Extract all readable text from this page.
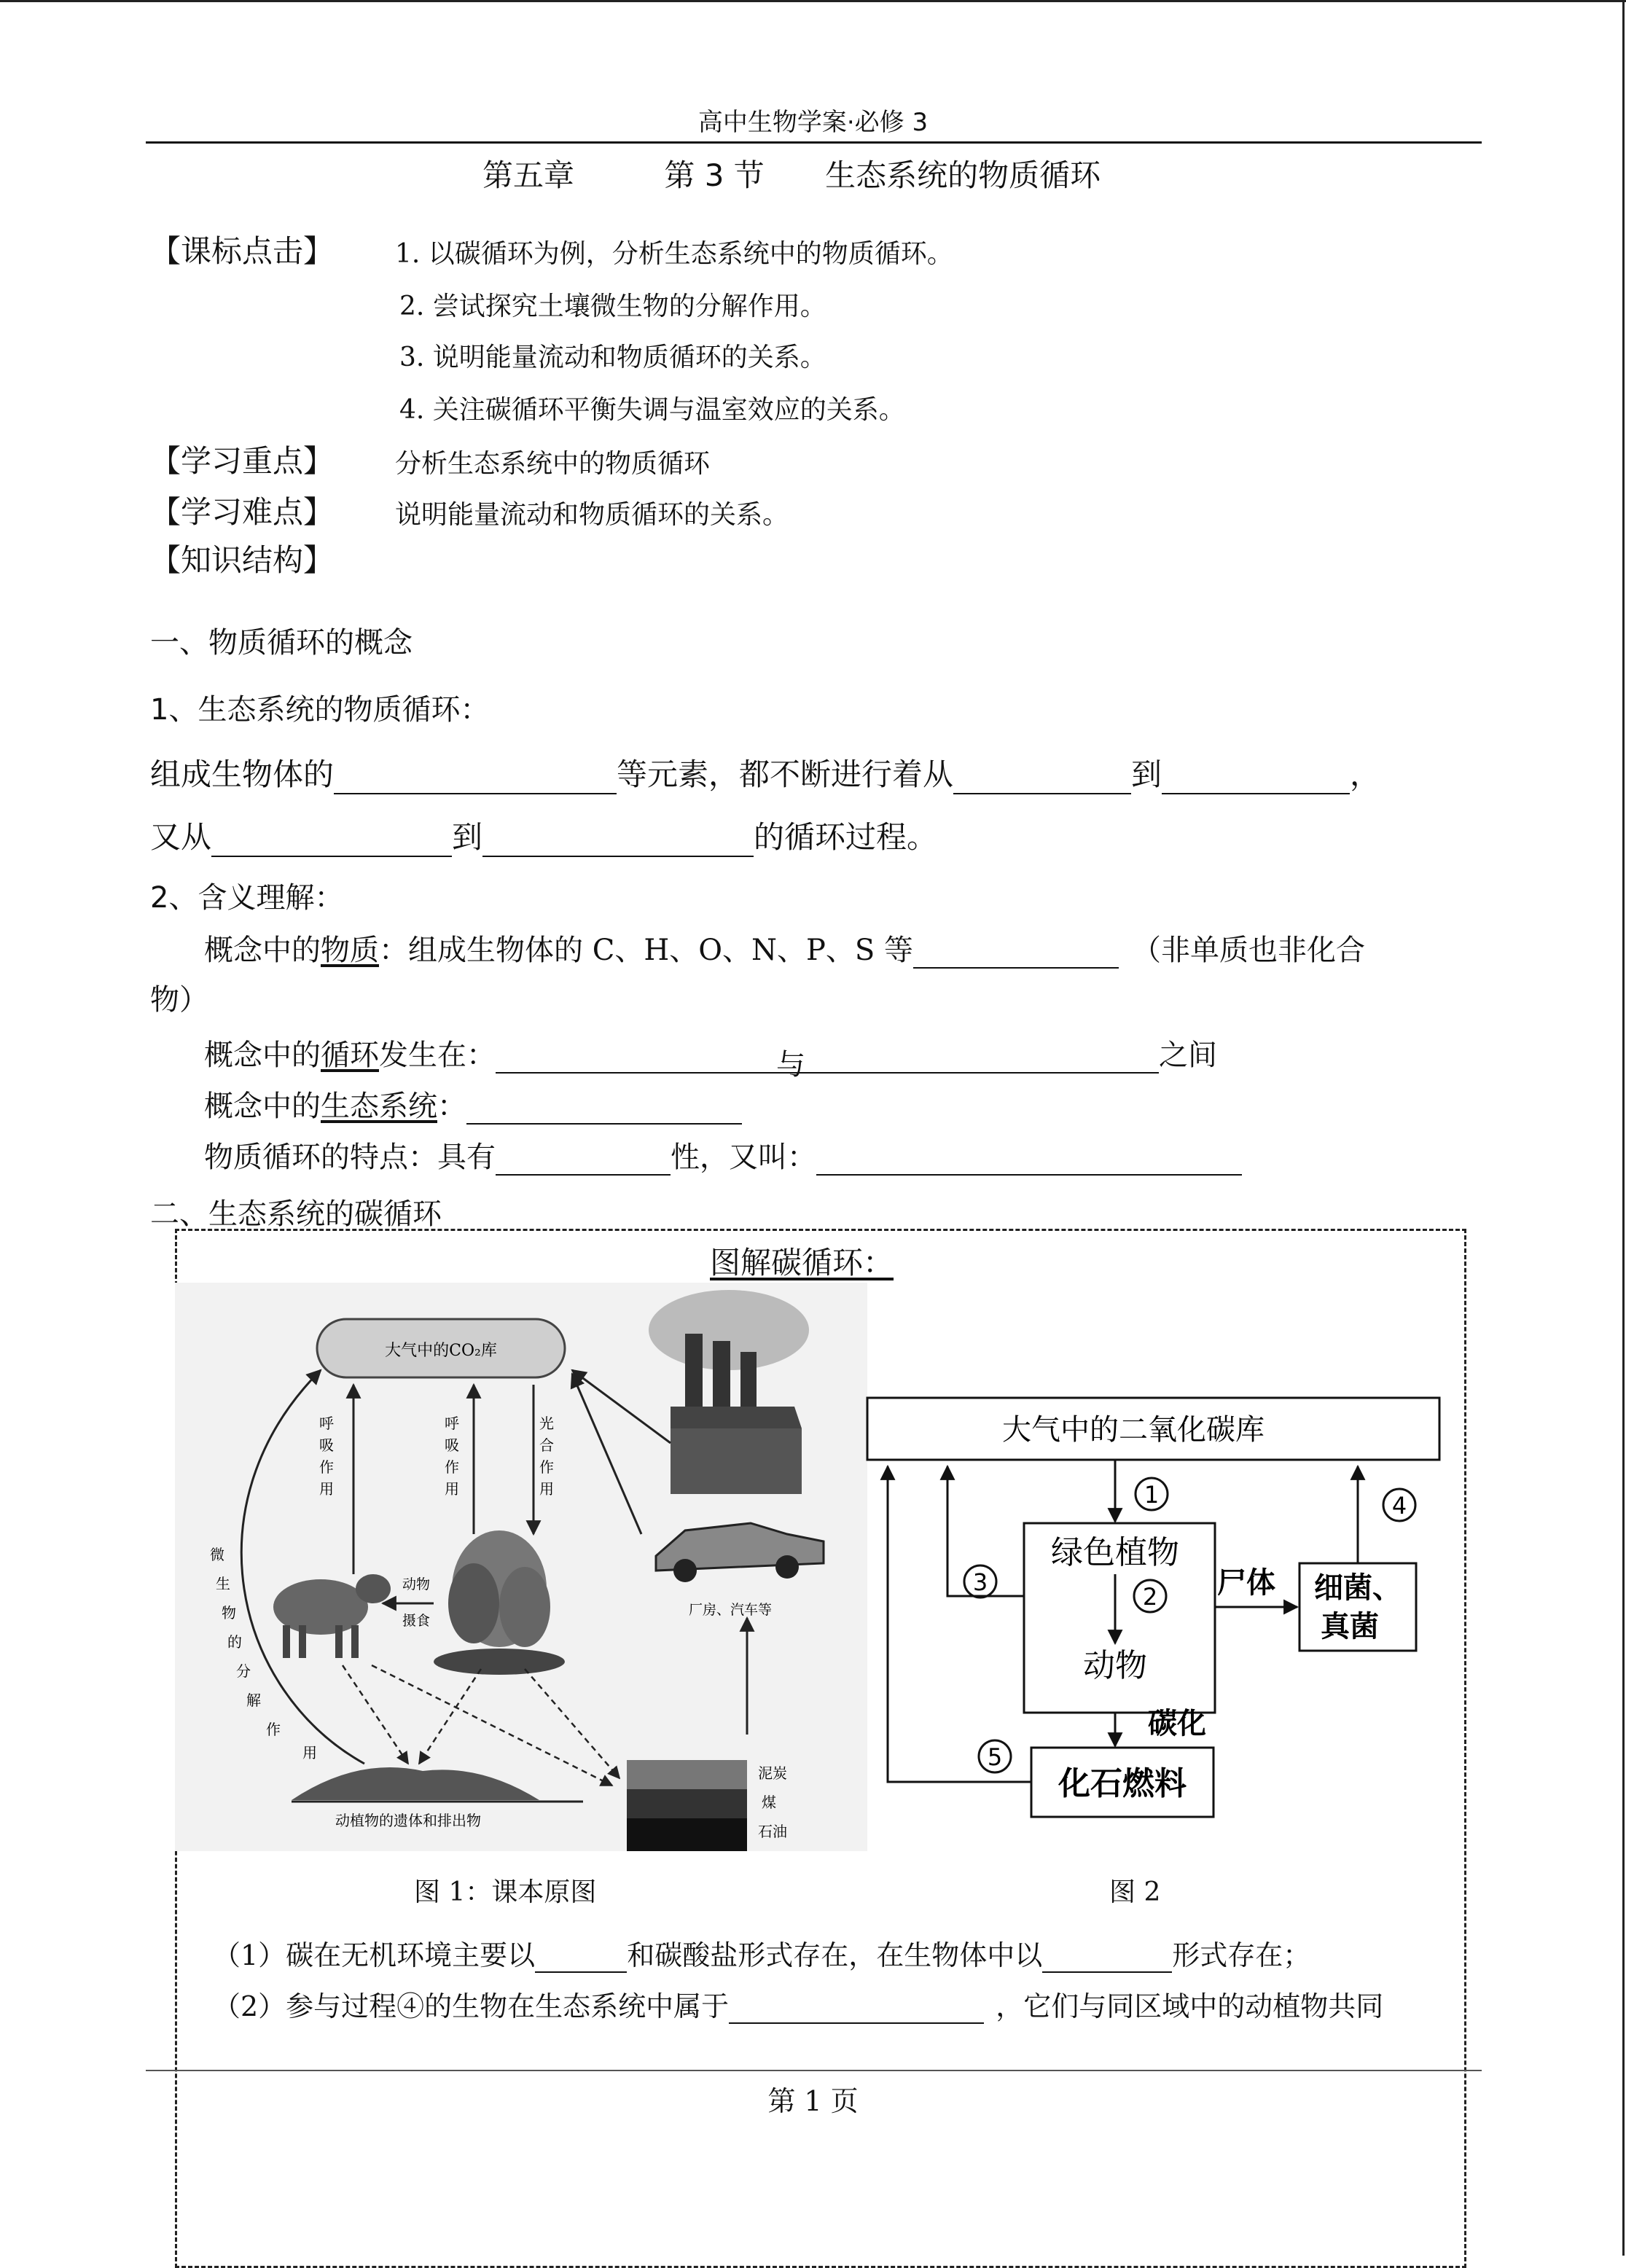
高中生物学案·必修 3
第五章	第 3 节 生态系统的物质循环
【课标点击】 1. 以碳循环为例，分析生态系统中的物质循环。
2. 尝试探究土壤微生物的分解作用。
3. 说明能量流动和物质循环的关系。
4. 关注碳循环平衡失调与温室效应的关系。
【学习重点】 分析生态系统中的物质循环
【学习难点】 说明能量流动和物质循环的关系。
【知识结构】
一、物质循环的概念
1、生态系统的物质循环：
组成生物体的	等元素，都不断进行着从	到	，
又从	到	的循环过程。
2、含义理解：
概念中的物质：组成生物体的 C、H、O、N、P、S 等	（非单质也非化合
物）
概念中的循环发生在：	与	之间
概念中的生态系统：
物质循环的特点：具有	性，又叫：
二、生态系统的碳循环
图解碳循环：
大气中的CO₂库
厂房、汽车等
呼吸作用
呼吸作用
光合作用
动物
摄食
微生物的分解作用
动植物的遗体和排出物
泥炭
煤
石油
大气中的二氧化碳库
绿色植物
动物
细菌、
真菌
化石燃料
1
2
3	尸体
4
碳化
5
图 1：课本原图	图 2
（1）碳在无机环境主要以	和碳酸盐形式存在，在生物体中以	形式存在；
（2）参与过程④的生物在生态系统中属于	，它们与同区域中的动植物共同
第 1 页
